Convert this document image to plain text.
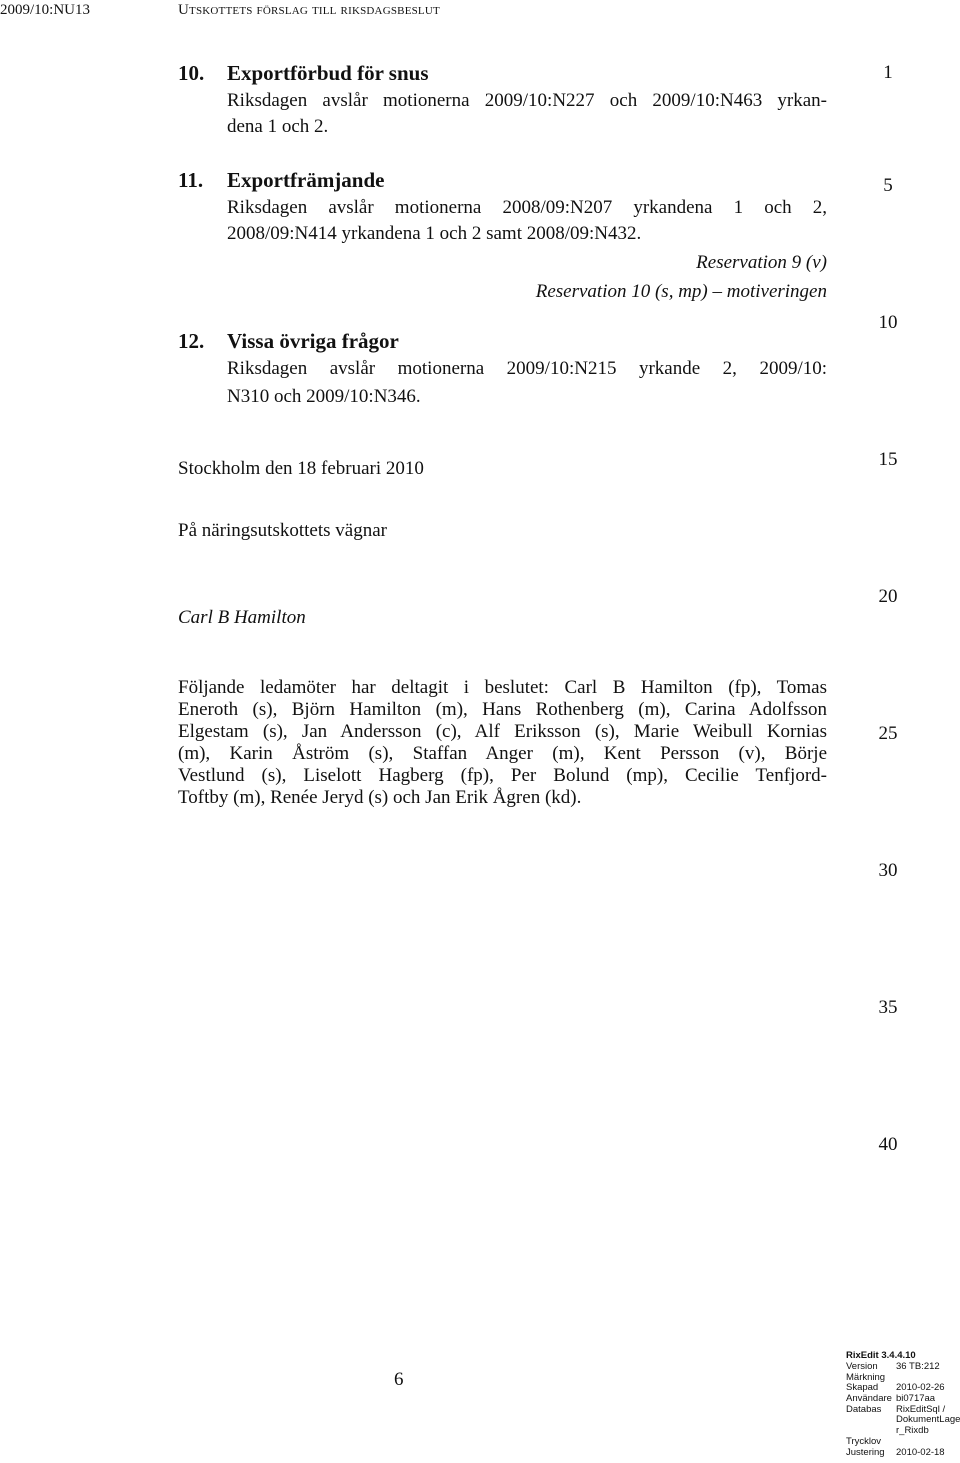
2009/10:NU13	Utskottets förslag till riksdagsbeslut
10. Exportförbud för snus
Riksdagen avslår motionerna 2009/10:N227 och 2009/10:N463 yrkan-
dena 1 och 2.
11. Exportfrämjande
Riksdagen avslår motionerna 2008/09:N207 yrkandena 1 och 2,
2008/09:N414 yrkandena 1 och 2 samt 2008/09:N432.
Reservation 9 (v)
Reservation 10 (s, mp) – motiveringen
12. Vissa övriga frågor
Riksdagen avslår motionerna 2009/10:N215 yrkande 2, 2009/10:
N310 och 2009/10:N346.
Stockholm den 18 februari 2010
På näringsutskottets vägnar
Carl B Hamilton
Följande ledamöter har deltagit i beslutet: Carl B Hamilton (fp), Tomas
Eneroth (s), Björn Hamilton (m), Hans Rothenberg (m), Carina Adolfsson
Elgestam (s), Jan Andersson (c), Alf Eriksson (s), Marie Weibull Kornias
(m), Karin Åström (s), Staffan Anger (m), Kent Persson (v), Börje
Vestlund (s), Liselott Hagberg (fp), Per Bolund (mp), Cecilie Tenfjord-
Toftby (m), Renée Jeryd (s) och Jan Erik Ågren (kd).
1
5
10
15
20
25
30
35
40
6
RixEdit 3.4.4.10
Version 36 TB:212
Märkning
Skapad 2010-02-26
Användare bi0717aa
Databas RixEditSql /
DokumentLage
r_Rixdb
Trycklov
Justering 2010-02-18
